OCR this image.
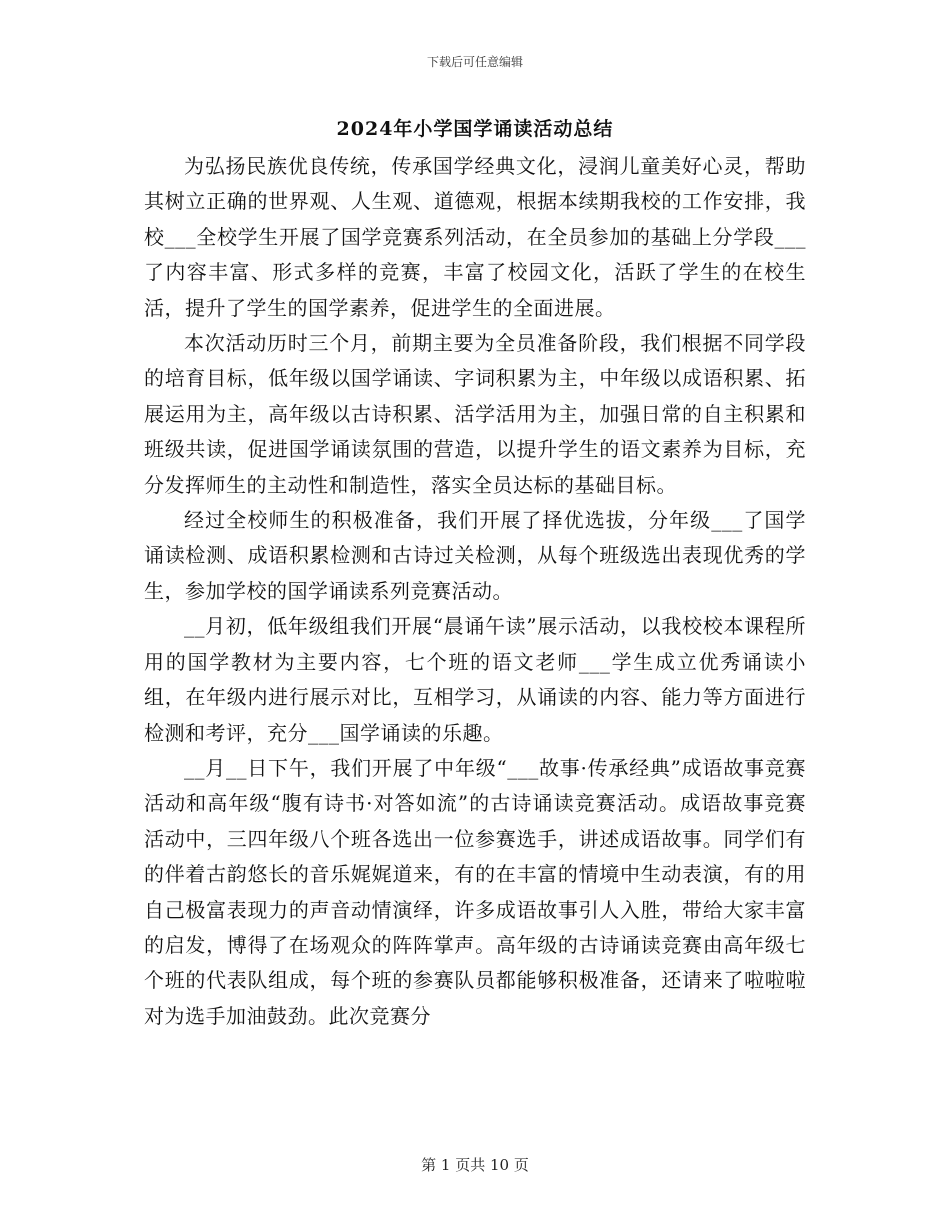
下载后可任意编辑
2024年小学国学诵读活动总结

为弘扬民族优良传统，传承国学经典文化，浸润儿童美好心灵，帮助其树立正确的世界观、人生观、道德观，根据本续期我校的工作安排，我校___全校学生开展了国学竞赛系列活动，在全员参加的基础上分学段___了内容丰富、形式多样的竞赛，丰富了校园文化，活跃了学生的在校生活，提升了学生的国学素养，促进学生的全面进展。

本次活动历时三个月，前期主要为全员准备阶段，我们根据不同学段的培育目标，低年级以国学诵读、字词积累为主，中年级以成语积累、拓展运用为主，高年级以古诗积累、活学活用为主，加强日常的自主积累和班级共读，促进国学诵读氛围的营造，以提升学生的语文素养为目标，充分发挥师生的主动性和制造性，落实全员达标的基础目标。

经过全校师生的积极准备，我们开展了择优选拔，分年级___了国学诵读检测、成语积累检测和古诗过关检测，从每个班级选出表现优秀的学生，参加学校的国学诵读系列竞赛活动。

__月初，低年级组我们开展“晨诵午读”展示活动，以我校校本课程所用的国学教材为主要内容，七个班的语文老师___学生成立优秀诵读小组，在年级内进行展示对比，互相学习，从诵读的内容、能力等方面进行检测和考评，充分___国学诵读的乐趣。

__月__日下午，我们开展了中年级“___故事·传承经典”成语故事竞赛活动和高年级“腹有诗书·对答如流”的古诗诵读竞赛活动。成语故事竞赛活动中，三四年级八个班各选出一位参赛选手，讲述成语故事。同学们有的伴着古韵悠长的音乐娓娓道来，有的在丰富的情境中生动表演，有的用自己极富表现力的声音动情演绎，许多成语故事引人入胜，带给大家丰富的启发，博得了在场观众的阵阵掌声。高年级的古诗诵读竞赛由高年级七个班的代表队组成，每个班的参赛队员都能够积极准备，还请来了啦啦啦对为选手加油鼓劲。此次竞赛分

第 1 页共 10 页
